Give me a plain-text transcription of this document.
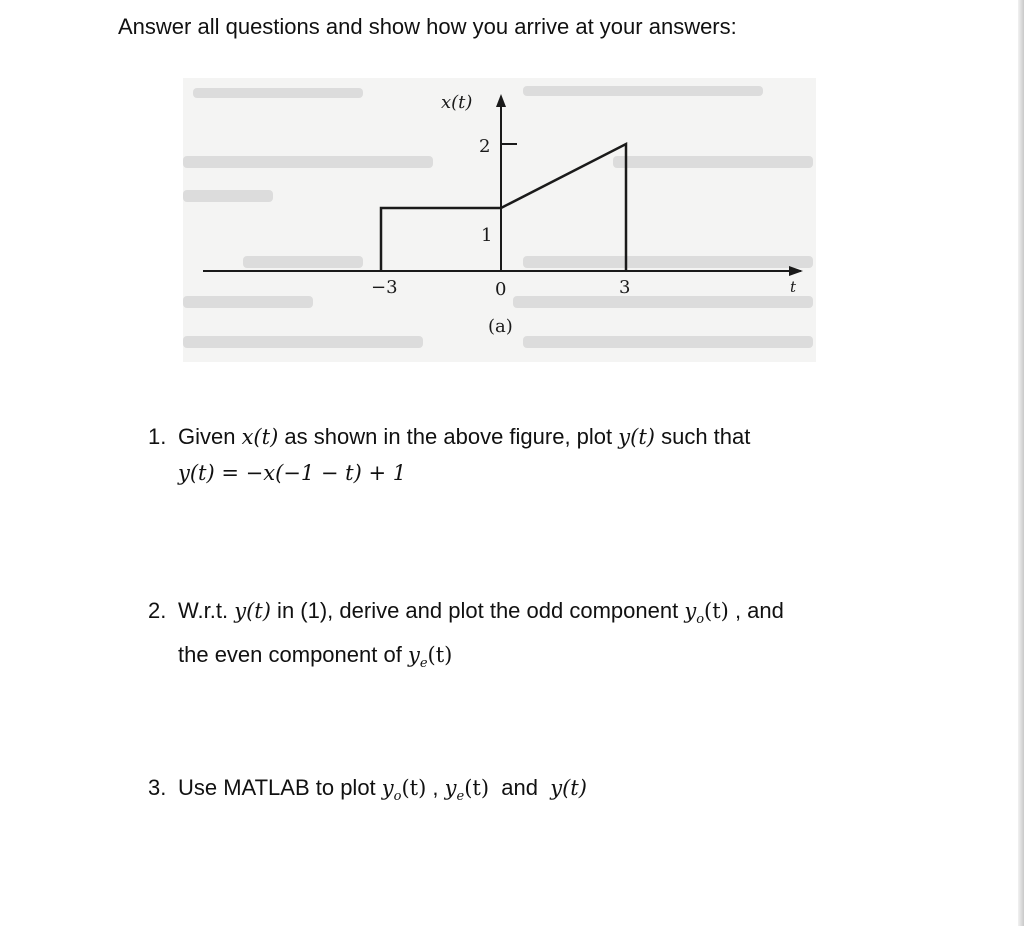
Answer all questions and show how you arrive at your answers:
x(t)
2
1
−3	0	3	t
(a)
1. Given x(t) as shown in the above figure, plot y(t) such that
y(t) = −x(−1 − t) + 1
2. W.r.t. y(t) in (1), derive and plot the odd component $y_o(t)$ , and
the even component of $y_e(t)$
3. Use MATLAB to plot $y_o(t)$ , $y_e(t)$  and  y(t)
